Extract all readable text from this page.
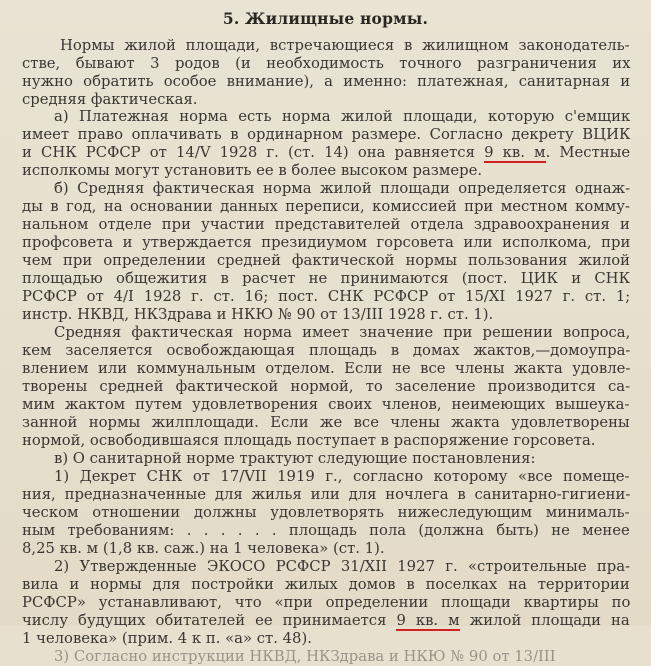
5. Жилищные нормы.
Нормы жилой площади, встречающиеся в жилищном законодатель-
стве, бывают 3 родов (и необходимость точного разграничения их
нужно обратить особое внимание), а именно: платежная, санитарная и
средняя фактическая.
а) Платежная норма есть норма жилой площади, которую с'емщик
имеет право оплачивать в ординарном размере. Согласно декрету ВЦИК
и СНК РСФСР от 14/V 1928 г. (ст. 14) она равняется 9 кв. м. Местные
исполкомы могут установить ее в более высоком размере.
б) Средняя фактическая норма жилой площади определяется однаж-
ды в год, на основании данных переписи, комиссией при местном комму-
нальном отделе при участии представителей отдела здравоохранения и
профсовета и утверждается президиумом горсовета или исполкома, при
чем при определении средней фактической нормы пользования жилой
площадью общежития в расчет не принимаются (пост. ЦИК и СНК
РСФСР от 4/I 1928 г. ст. 16; пост. СНК РСФСР от 15/XI 1927 г. ст. 1;
инстр. НКВД, НКЗдрава и НКЮ № 90 от 13/III 1928 г. ст. 1).
Средняя фактическая норма имеет значение при решении вопроса,
кем заселяется освобождающая площадь в домах жактов,—домоупра-
влением или коммунальным отделом. Если не все члены жакта удовле-
творены средней фактической нормой, то заселение производится са-
мим жактом путем удовлетворения своих членов, неимеющих вышеука-
занной нормы жилплощади. Если же все члены жакта удовлетворены
нормой, освободившаяся площадь поступает в распоряжение горсовета.
в) О санитарной норме трактуют следующие постановления:
1) Декрет СНК от 17/VII 1919 г., согласно которому «все помеще-
ния, предназначенные для жилья или для ночлега в санитарно-гигиени-
ческом отношении должны удовлетворять нижеследующим минималь-
ным требованиям: . . . . . . площадь пола (должна быть) не менее
8,25 кв. м (1,8 кв. саж.) на 1 человека» (ст. 1).
2) Утвержденные ЭКОСО РСФСР 31/XII 1927 г. «строительные пра-
вила и нормы для постройки жилых домов в поселках на территории
РСФСР» устанавливают, что «при определении площади квартиры по
числу будущих обитателей ее принимается 9 кв. м жилой площади на
1 человека» (прим. 4 к п. «а» ст. 48).
3) Согласно инструкции НКВД, НКЗдрава и НКЮ № 90 от 13/III
